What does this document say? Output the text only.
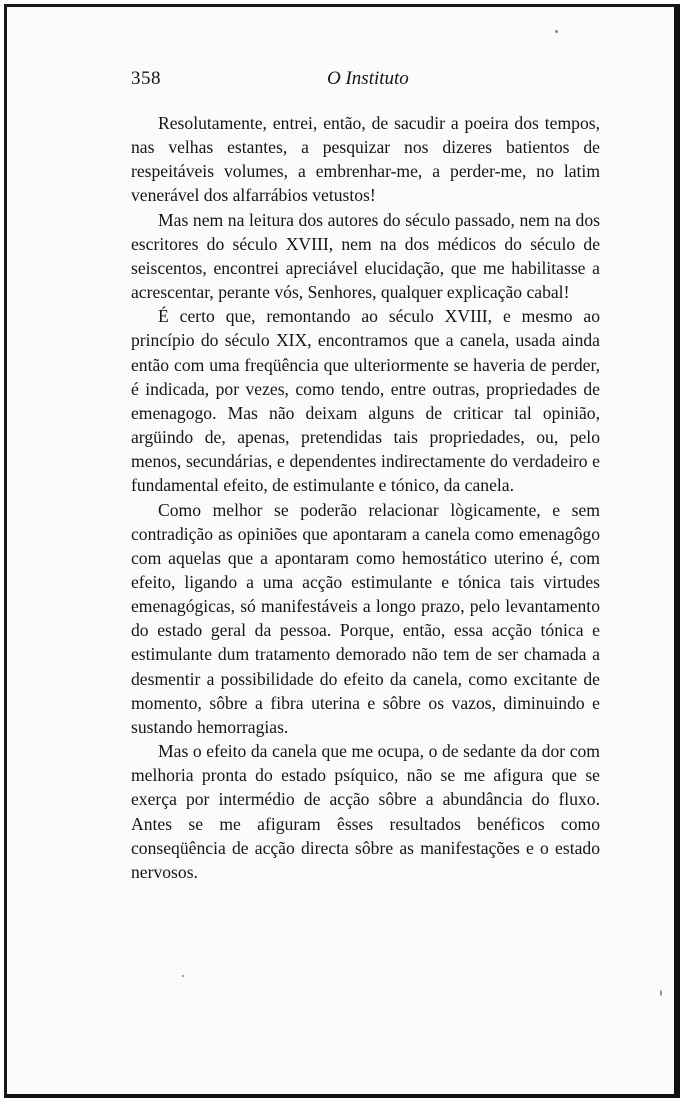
358	O Instituto

Resolutamente, entrei, então, de sacudir a poeira dos tempos, nas velhas estantes, a pesquizar nos dizeres batientos de respeitáveis volumes, a embrenhar-me, a perder-me, no latim venerável dos alfarrábios vetustos!

Mas nem na leitura dos autores do século passado, nem na dos escritores do século XVIII, nem na dos médicos do século de seiscentos, encontrei apreciável elucidação, que me habilitasse a acrescentar, perante vós, Senhores, qualquer explicação cabal!

É certo que, remontando ao século XVIII, e mesmo ao princípio do século XIX, encontramos que a canela, usada ainda então com uma freqüência que ulteriormente se haveria de perder, é indicada, por vezes, como tendo, entre outras, propriedades de emenagogo. Mas não deixam alguns de criticar tal opinião, argüindo de, apenas, pretendidas tais propriedades, ou, pelo menos, secundárias, e dependentes indirectamente do verdadeiro e fundamental efeito, de estimulante e tónico, da canela.

Como melhor se poderão relacionar lògicamente, e sem contradição as opiniões que apontaram a canela como emenagôgo com aquelas que a apontaram como hemostático uterino é, com efeito, ligando a uma acção estimulante e tónica tais virtudes emenagógicas, só manifestáveis a longo prazo, pelo levantamento do estado geral da pessoa. Porque, então, essa acção tónica e estimulante dum tratamento demorado não tem de ser chamada a desmentir a possibilidade do efeito da canela, como excitante de momento, sôbre a fibra uterina e sôbre os vazos, diminuindo e sustando hemorragias.

Mas o efeito da canela que me ocupa, o de sedante da dor com melhoria pronta do estado psíquico, não se me afigura que se exerça por intermédio de acção sôbre a abundância do fluxo. Antes se me afiguram êsses resultados benéficos como conseqüência de acção directa sôbre as manifestações e o estado nervosos.
